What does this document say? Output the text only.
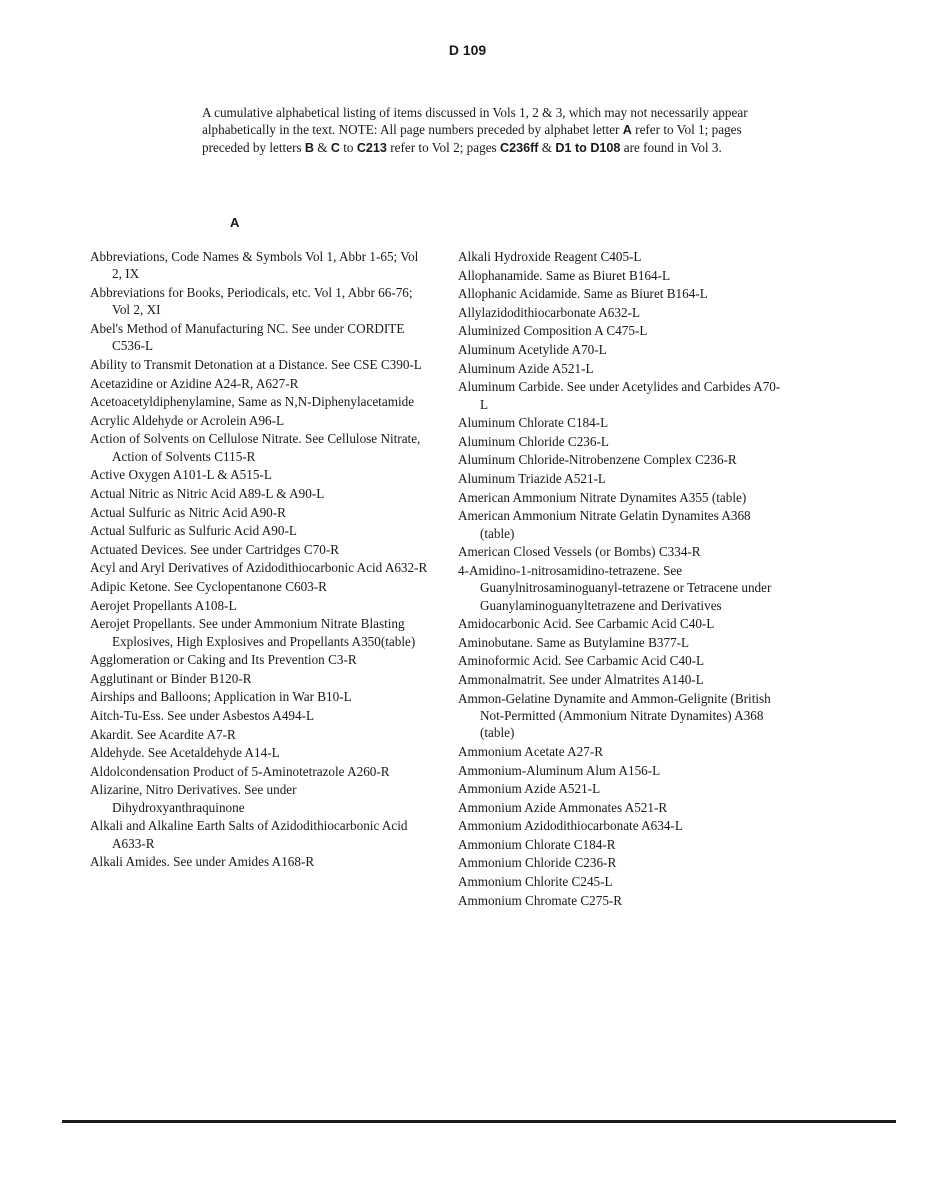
D 109

A cumulative alphabetical listing of items discussed in Vols 1, 2 & 3, which may not necessarily appear alphabetically in the text. NOTE: All page numbers preceded by alphabet letter A refer to Vol 1; pages preceded by letters B & C to C213 refer to Vol 2; pages C236ff & D1 to D108 are found in Vol 3.

A
Abbreviations, Code Names & Symbols Vol 1, Abbr 1-65; Vol 2, IX
Abbreviations for Books, Periodicals, etc. Vol 1, Abbr 66-76; Vol 2, XI
Abel's Method of Manufacturing NC. See under CORDITE C536-L
Ability to Transmit Detonation at a Distance. See CSE C390-L
Acetazidine or Azidine A24-R, A627-R
Acetoacetyldiphenylamine, Same as N,N-Diphenylacetamide
Acrylic Aldehyde or Acrolein A96-L
Action of Solvents on Cellulose Nitrate. See Cellulose Nitrate, Action of Solvents C115-R
Active Oxygen A101-L & A515-L
Actual Nitric as Nitric Acid A89-L & A90-L
Actual Sulfuric as Nitric Acid A90-R
Actual Sulfuric as Sulfuric Acid A90-L
Actuated Devices. See under Cartridges C70-R
Acyl and Aryl Derivatives of Azidodithiocarbonic Acid A632-R
Adipic Ketone. See Cyclopentanone C603-R
Aerojet Propellants A108-L
Aerojet Propellants. See under Ammonium Nitrate Blasting Explosives, High Explosives and Propellants A350(table)
Agglomeration or Caking and Its Prevention C3-R
Agglutinant or Binder B120-R
Airships and Balloons; Application in War B10-L
Aitch-Tu-Ess. See under Asbestos A494-L
Akardit. See Acardite A7-R
Aldehyde. See Acetaldehyde A14-L
Aldolcondensation Product of 5-Aminotetrazole A260-R
Alizarine, Nitro Derivatives. See under Dihydroxyanthraquinone
Alkali and Alkaline Earth Salts of Azidodithiocarbonic Acid A633-R
Alkali Amides. See under Amides A168-R
Alkali Hydroxide Reagent C405-L
Allophanamide. Same as Biuret B164-L
Allophanic Acidamide. Same as Biuret B164-L
Allylazidodithiocarbonate A632-L
Aluminized Composition A C475-L
Aluminum Acetylide A70-L
Aluminum Azide A521-L
Aluminum Carbide. See under Acetylides and Carbides A70-L
Aluminum Chlorate C184-L
Aluminum Chloride C236-L
Aluminum Chloride-Nitrobenzene Complex C236-R
Aluminum Triazide A521-L
American Ammonium Nitrate Dynamites A355 (table)
American Ammonium Nitrate Gelatin Dynamites A368 (table)
American Closed Vessels (or Bombs) C334-R
4-Amidino-1-nitrosamidino-tetrazene. See Guanylnitrosaminoguanyl-tetrazene or Tetracene under Guanylaminoguanyltetrazene and Derivatives
Amidocarbonic Acid. See Carbamic Acid C40-L
Aminobutane. Same as Butylamine B377-L
Aminoformic Acid. See Carbamic Acid C40-L
Ammonalmatrit. See under Almatrites A140-L
Ammon-Gelatine Dynamite and Ammon-Gelignite (British Not-Permitted (Ammonium Nitrate Dynamites) A368 (table)
Ammonium Acetate A27-R
Ammonium-Aluminum Alum A156-L
Ammonium Azide A521-L
Ammonium Azide Ammonates A521-R
Ammonium Azidodithiocarbonate A634-L
Ammonium Chlorate C184-R
Ammonium Chloride C236-R
Ammonium Chlorite C245-L
Ammonium Chromate C275-R
